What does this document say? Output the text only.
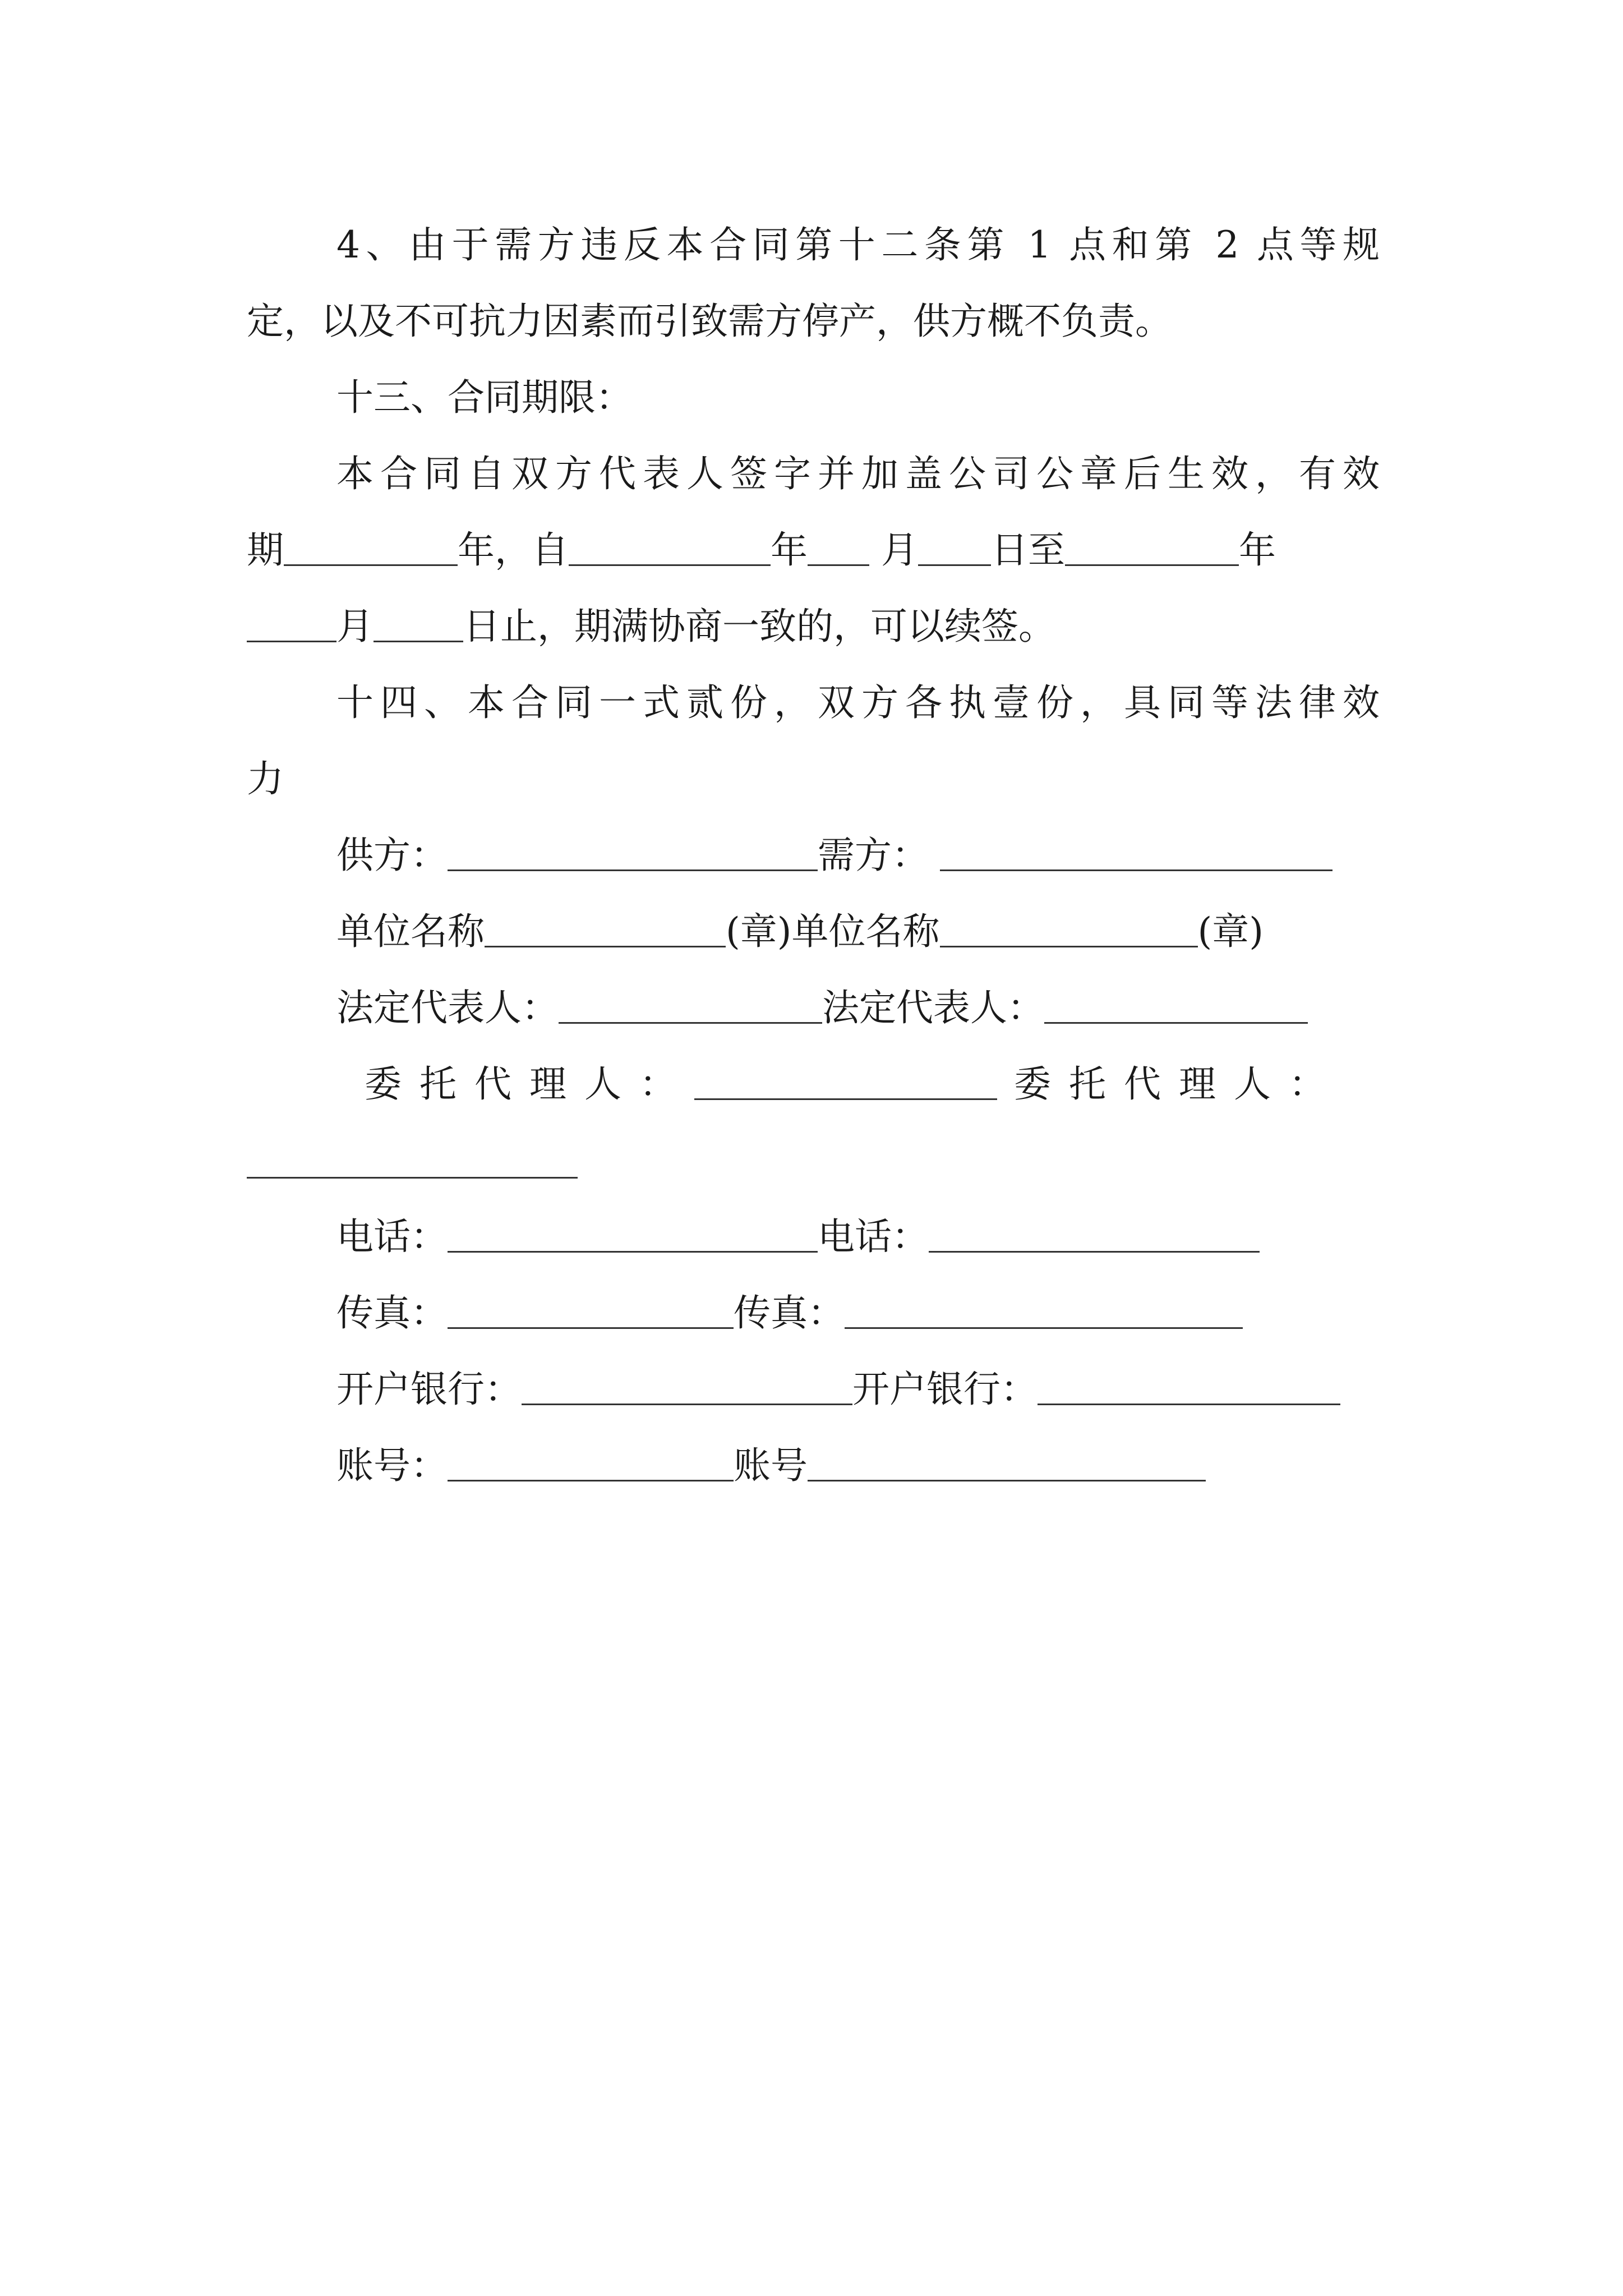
4、由于需方违反本合同第十二条第 1 点和第 2 点等规
定，以及不可抗力因素而引致需方停产，供方概不负责。
十三、合同期限：
本合同自双方代表人签字并加盖公司公章后生效，有效
期	年，自	年 月 日至	年
月 日止，期满协商一致的，可以续签。
十四、本合同一式贰份，双方各执壹份，具同等法律效
力
供方：	需方：
单位名称	(章)单位名称	(章)
法定代表人：	法定代表人：
委托代理人：	委托代理人：
电话：	电话：
传真：	传真：
开户银行：	开户银行：
账号：	账号
